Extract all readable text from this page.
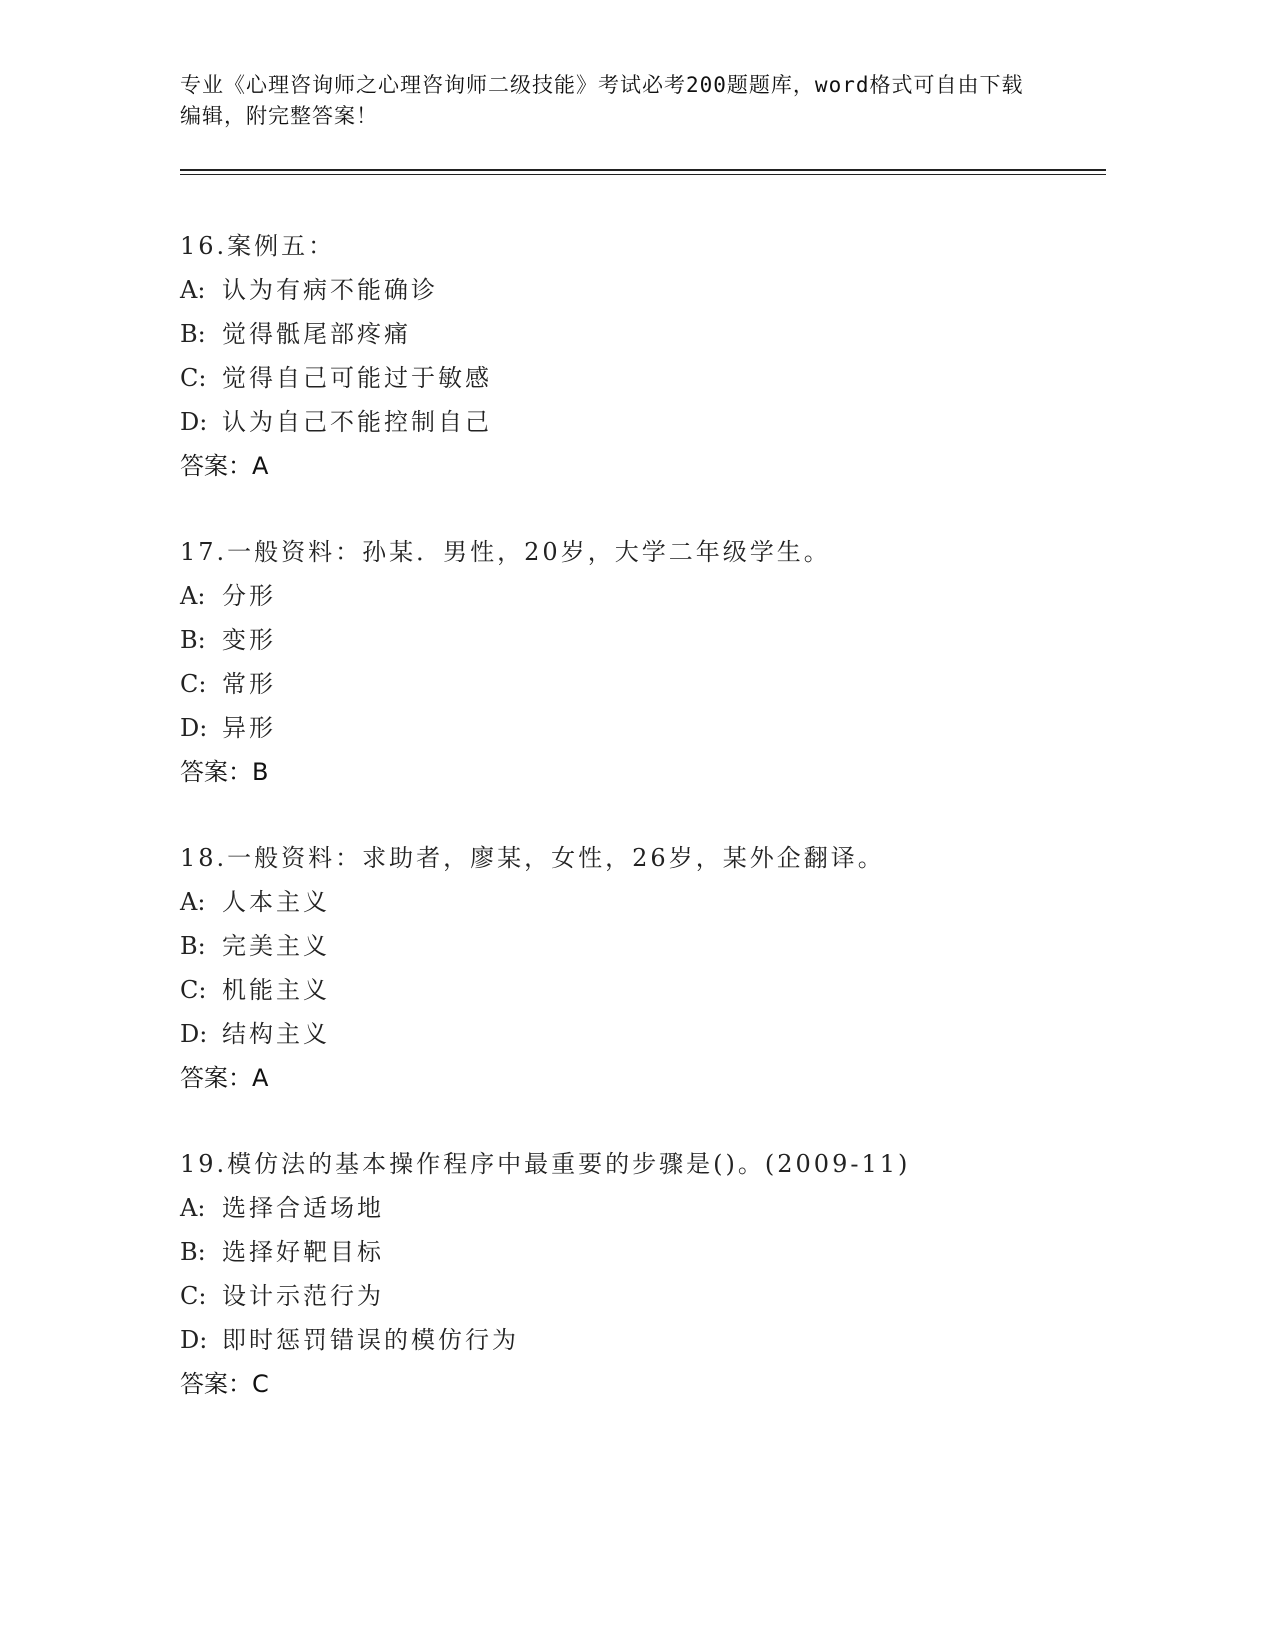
专业《心理咨询师之心理咨询师二级技能》考试必考200题题库，word格式可自由下载编辑，附完整答案！
16.案例五：
A: 认为有病不能确诊
B: 觉得骶尾部疼痛
C: 觉得自己可能过于敏感
D: 认为自己不能控制自己
答案：A
17.一般资料：孙某．男性，20岁，大学二年级学生。
A: 分形
B: 变形
C: 常形
D: 异形
答案：B
18.一般资料：求助者，廖某，女性，26岁，某外企翻译。
A: 人本主义
B: 完美主义
C: 机能主义
D: 结构主义
答案：A
19.模仿法的基本操作程序中最重要的步骤是()。(2009-11)
A: 选择合适场地
B: 选择好靶目标
C: 设计示范行为
D: 即时惩罚错误的模仿行为
答案：C
